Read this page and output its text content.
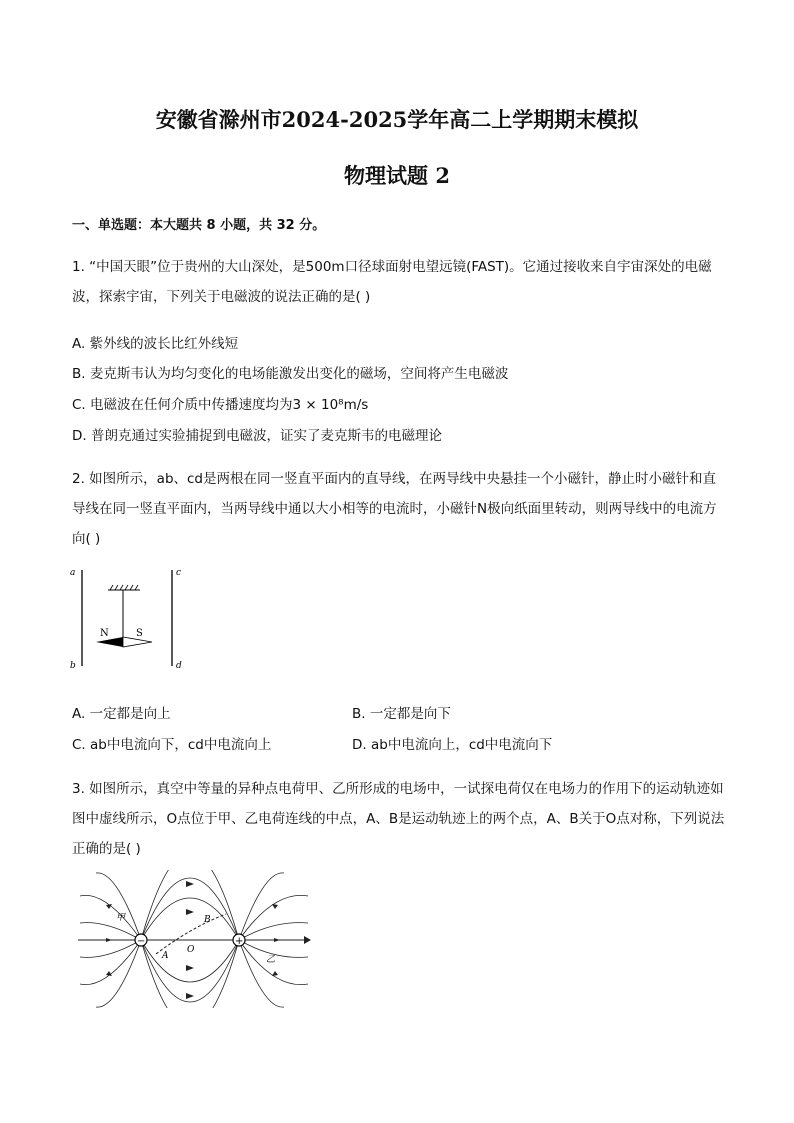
安徽省滁州市2024-2025学年高二上学期期末模拟
物理试题 2
一、单选题：本大题共 8 小题，共 32 分。
1. “中国天眼”位于贵州的大山深处，是500m口径球面射电望远镜(FAST)。它通过接收来自宇宙深处的电磁波，探索宇宙，下列关于电磁波的说法正确的是( )
A. 紫外线的波长比红外线短
B. 麦克斯韦认为均匀变化的电场能激发出变化的磁场，空间将产生电磁波
C. 电磁波在任何介质中传播速度均为3 × 10⁸m/s
D. 普朗克通过实验捕捉到电磁波，证实了麦克斯韦的电磁理论
2. 如图所示，ab、cd是两根在同一竖直平面内的直导线，在两导线中央悬挂一个小磁针，静止时小磁针和直导线在同一竖直平面内，当两导线中通以大小相等的电流时，小磁针N极向纸面里转动，则两导线中的电流方向( )
a
b
c
d
N	S
A. 一定都是向上	B. 一定都是向下
C. ab中电流向下，cd中电流向上	D. ab中电流向上，cd中电流向下
3. 如图所示，真空中等量的异种点电荷甲、乙所形成的电场中，一试探电荷仅在电场力的作用下的运动轨迹如图中虚线所示，O点位于甲、乙电荷连线的中点，A、B是运动轨迹上的两个点，A、B关于O点对称，下列说法正确的是( )
−	+
甲
乙
O
A
B
